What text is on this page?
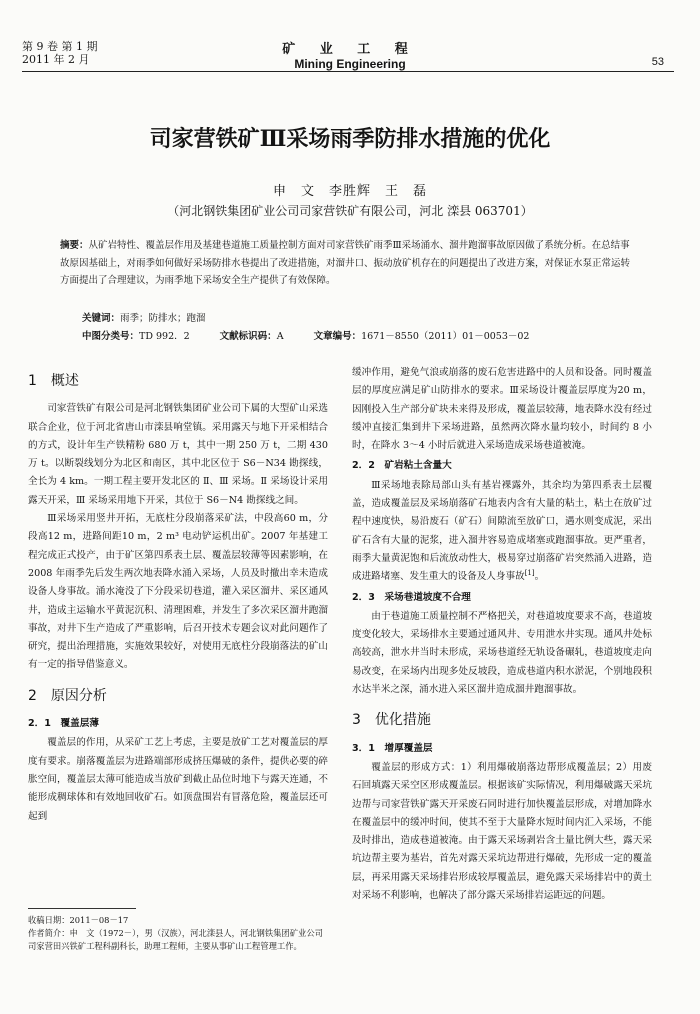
第 9 卷 第 1 期
2011 年 2 月
矿 业 工 程
Mining Engineering	53
司家营铁矿Ⅲ采场雨季防排水措施的优化
申　文　李胜辉　王　磊
（河北钢铁集团矿业公司司家营铁矿有限公司，河北 滦县 063701）
摘要：从矿岩特性、覆盖层作用及基建巷道施工质量控制方面对司家营铁矿雨季Ⅲ采场涌水、溜井跑溜事故原因做了系统分析。在总结事故原因基础上，对雨季如何做好采场防排水巷提出了改进措施，对溜井口、振动放矿机存在的问题提出了改进方案，对保证水泵正常运转方面提出了合理建议，为雨季地下采场安全生产提供了有效保障。
关键词：雨季；防排水；跑溜
中图分类号：TD 992．2	文献标识码：A	文章编号：1671－8550（2011）01－0053－02
1　概述

司家营铁矿有限公司是河北钢铁集团矿业公司下属的大型矿山采选联合企业，位于河北省唐山市滦县响堂镇。采用露天与地下开采相结合的方式，设计年生产铁精粉 680 万 t，其中一期 250 万 t，二期 430 万 t。以断裂线划分为北区和南区，其中北区位于 S6－N34 勘探线，全长为 4 km。一期工程主要开发北区的 Ⅱ、Ⅲ 采场。Ⅱ 采场设计采用露天开采，Ⅲ 采场采用地下开采，其位于 S6－N4 勘探线之间。

Ⅲ采场采用竖井开拓，无底柱分段崩落采矿法，中段高60 m，分段高12 m，进路间距10 m，2 m³ 电动铲运机出矿。2007 年基建工程完成正式投产，由于矿区第四系表土层、覆盖层较薄等因素影响，在 2008 年雨季先后发生两次地表降水涌入采场，人员及时撤出幸未造成设备人身事故。涌水淹没了下分段采切巷道，灌入采区溜井、采区通风井，造成主运输水平黄泥沉积、清理困难，并发生了多次采区溜井跑溜事故，对井下生产造成了严重影响，后召开技术专题会议对此问题作了研究，提出治理措施，实施效果较好，对使用无底柱分段崩落法的矿山有一定的指导借鉴意义。

2　原因分析
2．1　覆盖层薄

覆盖层的作用，从采矿工艺上考虑，主要是放矿工艺对覆盖层的厚度有要求。崩落覆盖层为进路端部形成挤压爆破的条件，提供必要的碎胀空间，覆盖层太薄可能造成当放矿到截止品位时地下与露天连通，不能形成稠球体和有效地回收矿石。如顶盘围岩有冒落危险，覆盖层还可起到

缓冲作用，避免气浪或崩落的废石危害进路中的人员和设备。同时覆盖层的厚度应满足矿山防排水的要求。Ⅲ采场设计覆盖层厚度为20 m，因刚投入生产部分矿块未来得及形成，覆盖层较薄，地表降水没有经过缓冲直接汇集到井下采场进路，虽然两次降水量均较小，时间约 8 小时，在降水 3～4 小时后就进入采场造成采场巷道被淹。

2．2　矿岩粘土含量大

Ⅲ采场地表除局部山头有基岩裸露外，其余均为第四系表土层覆盖，造成覆盖层及采场崩落矿石地表内含有大量的粘土，粘土在放矿过程中速度快，易沿废石（矿石）间隙流至放矿口，遇水则变成泥，采出矿石含有大量的泥浆，进入溜井容易造成堵塞或跑溜事故。更严重者，雨季大量黄泥饱和后流放动性大，极易穿过崩落矿岩突然涌入进路，造成进路堵塞、发生重大的设备及人身事故[1]。

2．3　采场巷道坡度不合理

由于巷道施工质量控制不严格把关，对巷道坡度要求不高，巷道坡度变化较大，采场排水主要通过通风井、专用泄水井实现。通风井处标高较高，泄水井当时未形成，采场巷道经无轨设备碾轧，巷道坡度走向易改变，在采场内出现多处反坡段，造成巷道内积水淤泥，个别地段积水达半米之深，涌水进入采区溜井造成溜井跑溜事故。

3　优化措施
3．1　增厚覆盖层

覆盖层的形成方式：1）利用爆破崩落边帮形成覆盖层；2）用废石回填露天采空区形成覆盖层。根据该矿实际情况，利用爆破露天采坑边帮与司家营铁矿露天开采废石同时进行加快覆盖层形成，对增加降水在覆盖层中的缓冲时间，使其不至于大量降水短时间内汇入采场，不能及时排出，造成巷道被淹。由于露天采场剥岩含土量比例大些，露天采坑边帮主要为基岩，首先对露天采坑边帮进行爆破，先形成一定的覆盖层，再采用露天采场排岩形成较厚覆盖层，避免露天采场排岩中的黄土对采场不利影响，也解决了部分露天采场排岩运距远的问题。

收稿日期：2011－08－17
作者简介：申　文（1972－），男（汉族），河北滦县人，河北钢铁集团矿业公司司家营田兴铁矿工程科副科长，助理工程师，主要从事矿山工程管理工作。
